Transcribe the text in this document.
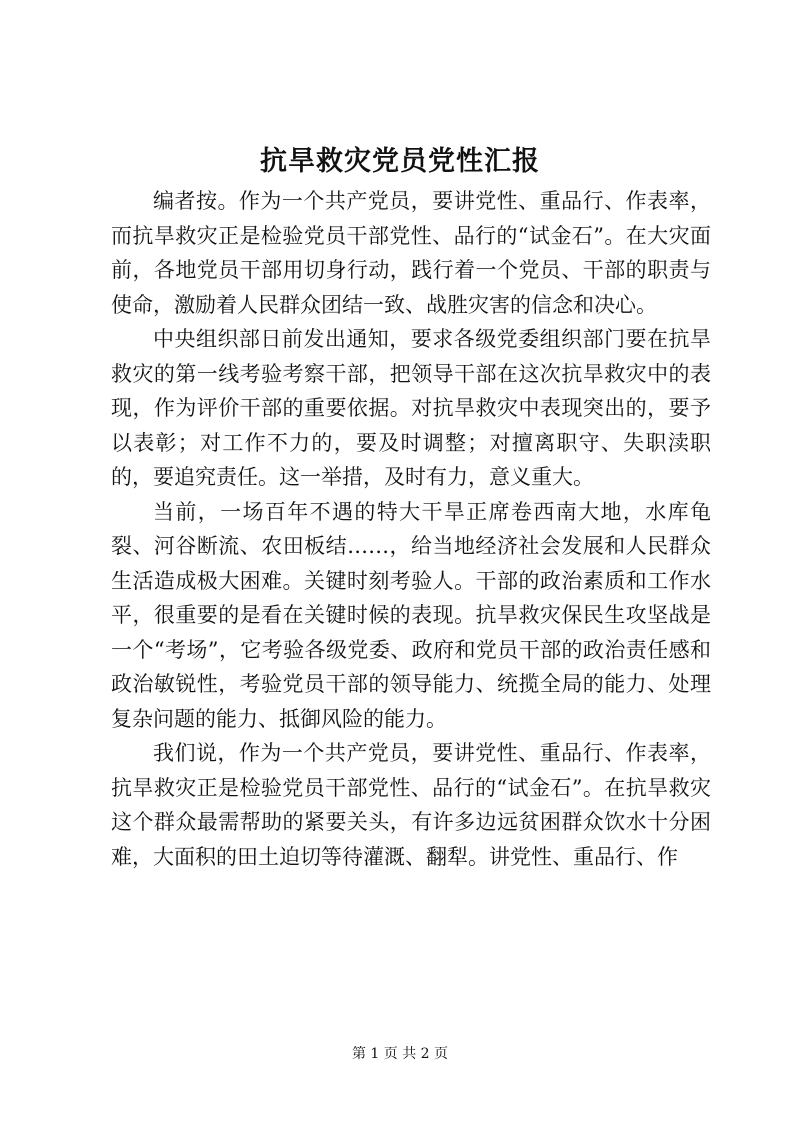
抗旱救灾党员党性汇报

编者按。作为一个共产党员，要讲党性、重品行、作表率，而抗旱救灾正是检验党员干部党性、品行的“试金石”。在大灾面前，各地党员干部用切身行动，践行着一个党员、干部的职责与使命，激励着人民群众团结一致、战胜灾害的信念和决心。

中央组织部日前发出通知，要求各级党委组织部门要在抗旱救灾的第一线考验考察干部，把领导干部在这次抗旱救灾中的表现，作为评价干部的重要依据。对抗旱救灾中表现突出的，要予以表彰；对工作不力的，要及时调整；对擅离职守、失职渎职的，要追究责任。这一举措，及时有力，意义重大。

当前，一场百年不遇的特大干旱正席卷西南大地，水库龟裂、河谷断流、农田板结……，给当地经济社会发展和人民群众生活造成极大困难。关键时刻考验人。干部的政治素质和工作水平，很重要的是看在关键时候的表现。抗旱救灾保民生攻坚战是一个“考场”，它考验各级党委、政府和党员干部的政治责任感和政治敏锐性，考验党员干部的领导能力、统揽全局的能力、处理复杂问题的能力、抵御风险的能力。

我们说，作为一个共产党员，要讲党性、重品行、作表率，抗旱救灾正是检验党员干部党性、品行的“试金石”。在抗旱救灾这个群众最需帮助的紧要关头，有许多边远贫困群众饮水十分困难，大面积的田土迫切等待灌溉、翻犁。讲党性、重品行、作

第 1 页 共 2 页
